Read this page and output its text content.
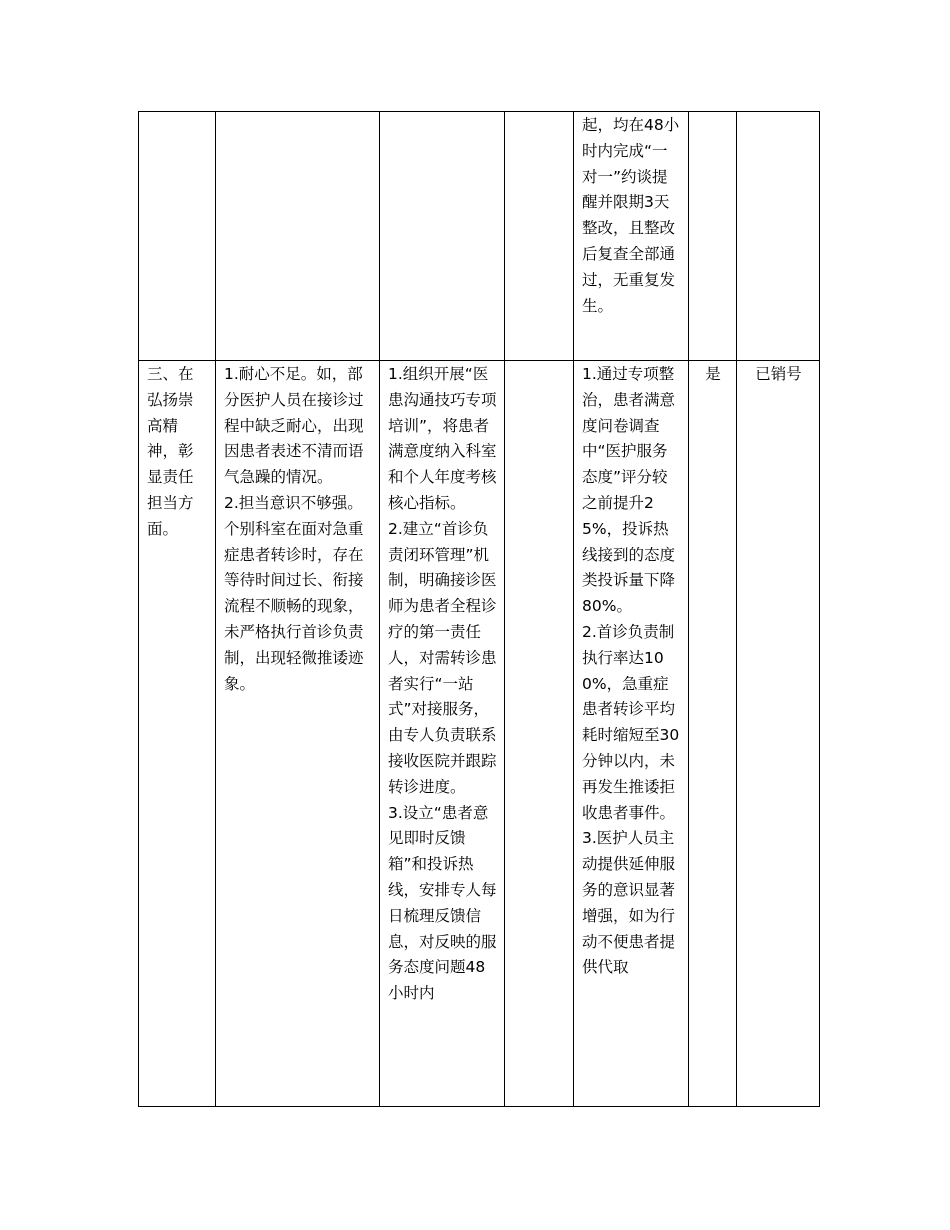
				起，均在48小时内完成“一对一”约谈提醒并限期3天整改，且整改后复查全部通过，无重复发生。		

三、在弘扬崇高精神，彰显责任担当方面。	1.耐心不足。如，部分医护人员在接诊过程中缺乏耐心，出现因患者表述不清而语气急躁的情况。
2.担当意识不够强。个别科室在面对急重症患者转诊时，存在等待时间过长、衔接流程不顺畅的现象，未严格执行首诊负责制，出现轻微推诿迹象。	1.组织开展“医患沟通技巧专项培训”，将患者满意度纳入科室和个人年度考核核心指标。
2.建立“首诊负责闭环管理”机制，明确接诊医师为患者全程诊疗的第一责任人，对需转诊患者实行“一站式”对接服务，由专人负责联系接收医院并跟踪转诊进度。
3.设立“患者意见即时反馈箱”和投诉热线，安排专人每日梳理反馈信息，对反映的服务态度问题48小时内		1.通过专项整治，患者满意度问卷调查中“医护服务态度”评分较之前提升25%，投诉热线接到的态度类投诉量下降80%。
2.首诊负责制执行率达100%，急重症患者转诊平均耗时缩短至30分钟以内，未再发生推诿拒收患者事件。
3.医护人员主动提供延伸服务的意识显著增强，如为行动不便患者提供代取	是	已销号
